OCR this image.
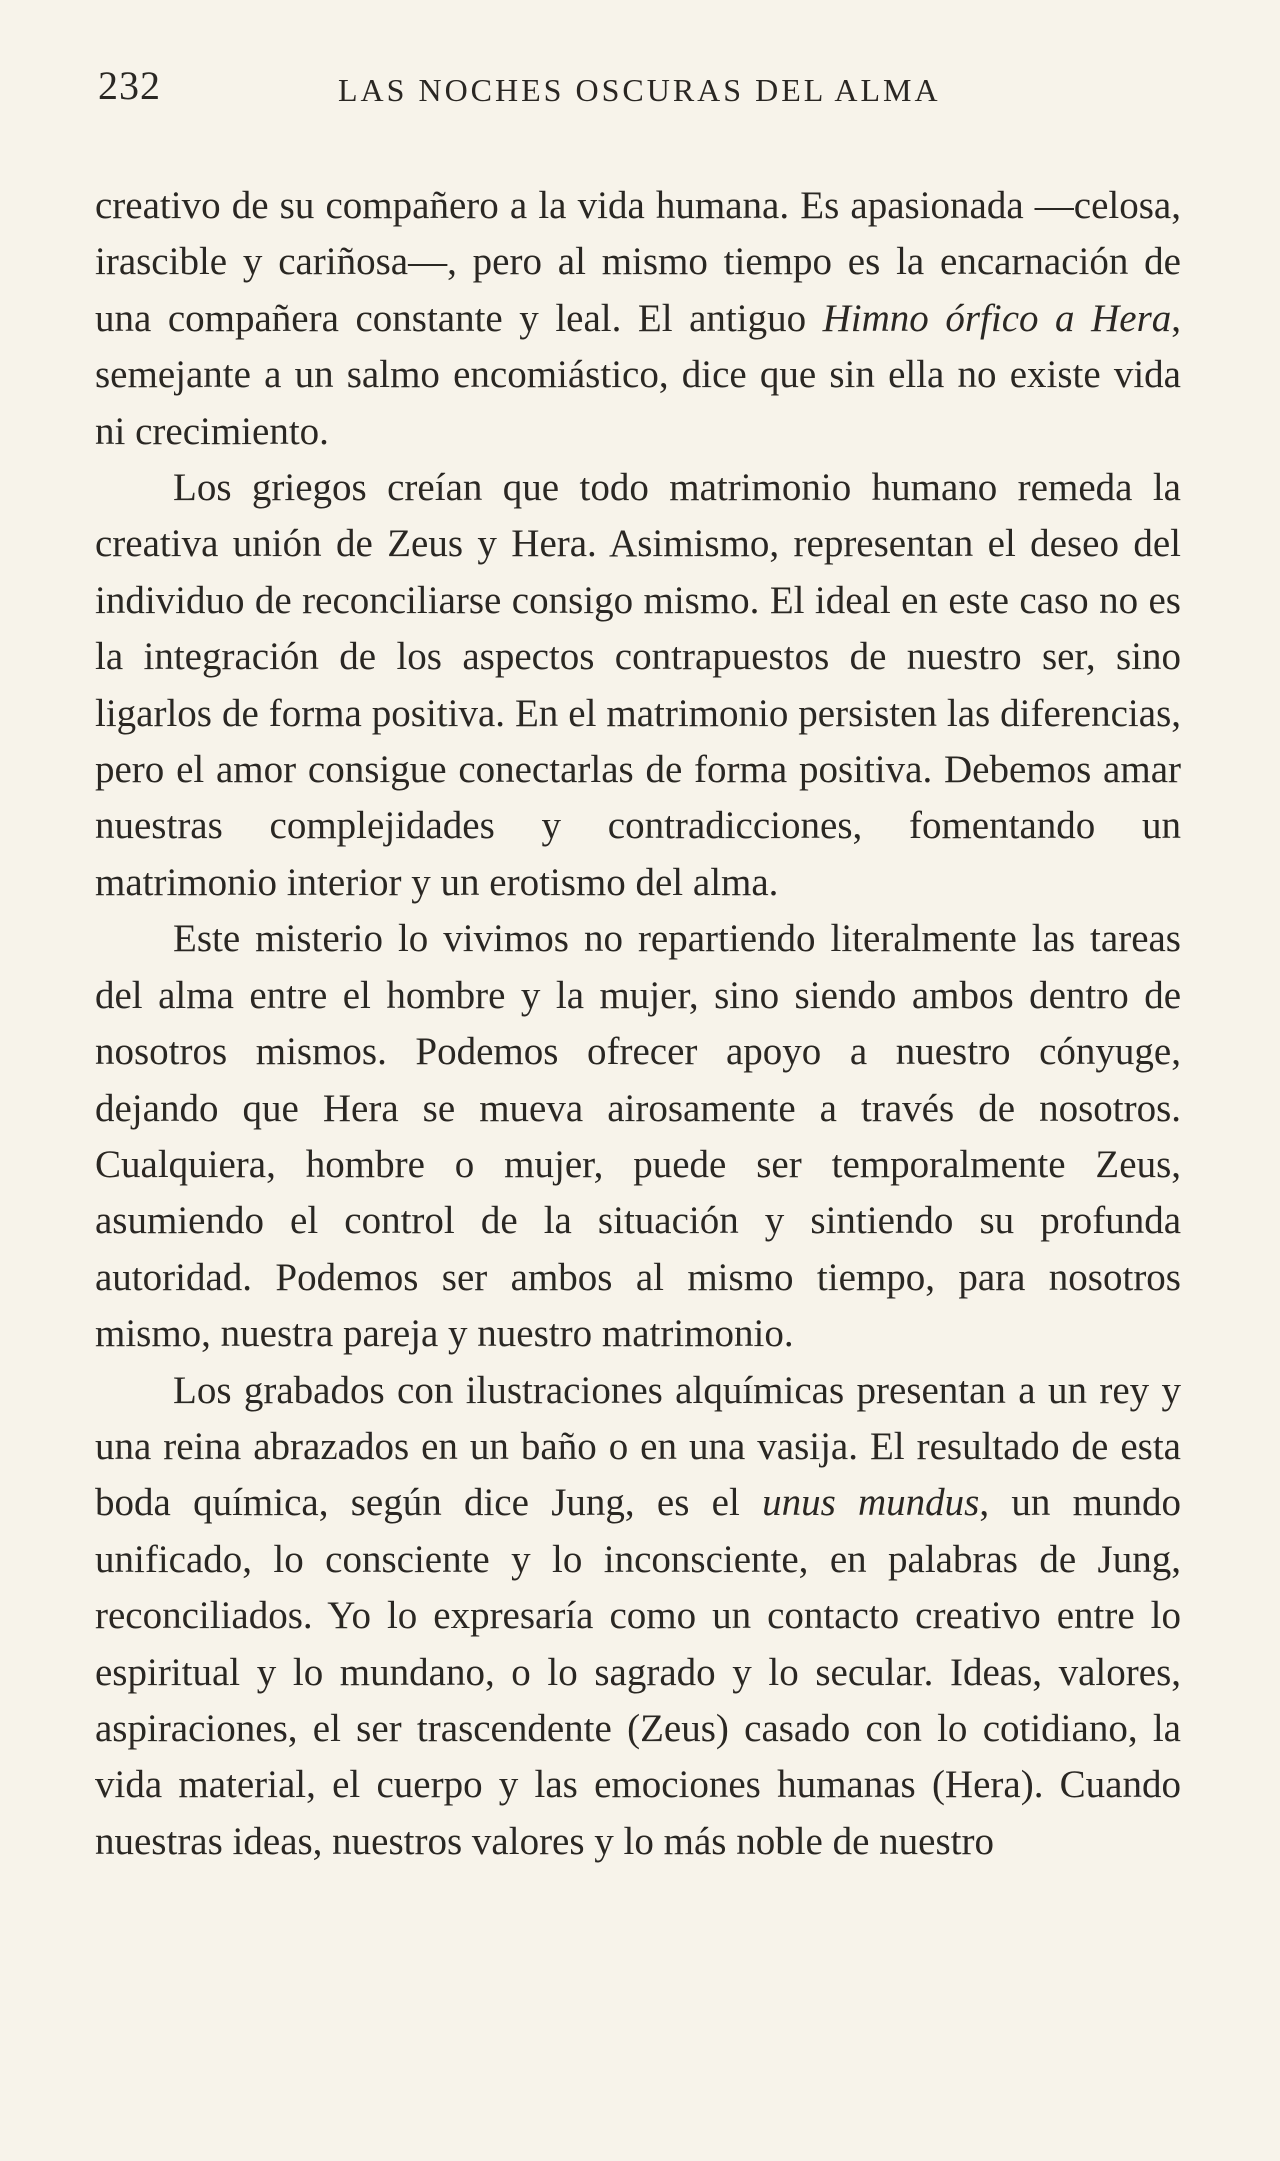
232	LAS NOCHES OSCURAS DEL ALMA

creativo de su compañero a la vida humana. Es apasionada —celosa, irascible y cariñosa—, pero al mismo tiempo es la encarnación de una compañera constante y leal. El antiguo Himno órfico a Hera, semejante a un salmo encomiástico, dice que sin ella no existe vida ni crecimiento.

Los griegos creían que todo matrimonio humano remeda la creativa unión de Zeus y Hera. Asimismo, representan el deseo del individuo de reconciliarse consigo mismo. El ideal en este caso no es la integración de los aspectos contrapuestos de nuestro ser, sino ligarlos de forma positiva. En el matrimonio persisten las diferencias, pero el amor consigue conectarlas de forma positiva. Debemos amar nuestras complejidades y contradicciones, fomentando un matrimonio interior y un erotismo del alma.

Este misterio lo vivimos no repartiendo literalmente las tareas del alma entre el hombre y la mujer, sino siendo ambos dentro de nosotros mismos. Podemos ofrecer apoyo a nuestro cónyuge, dejando que Hera se mueva airosamente a través de nosotros. Cualquiera, hombre o mujer, puede ser temporalmente Zeus, asumiendo el control de la situación y sintiendo su profunda autoridad. Podemos ser ambos al mismo tiempo, para nosotros mismo, nuestra pareja y nuestro matrimonio.

Los grabados con ilustraciones alquímicas presentan a un rey y una reina abrazados en un baño o en una vasija. El resultado de esta boda química, según dice Jung, es el unus mundus, un mundo unificado, lo consciente y lo inconsciente, en palabras de Jung, reconciliados. Yo lo expresaría como un contacto creativo entre lo espiritual y lo mundano, o lo sagrado y lo secular. Ideas, valores, aspiraciones, el ser trascendente (Zeus) casado con lo cotidiano, la vida material, el cuerpo y las emociones humanas (Hera). Cuando nuestras ideas, nuestros valores y lo más noble de nuestro
